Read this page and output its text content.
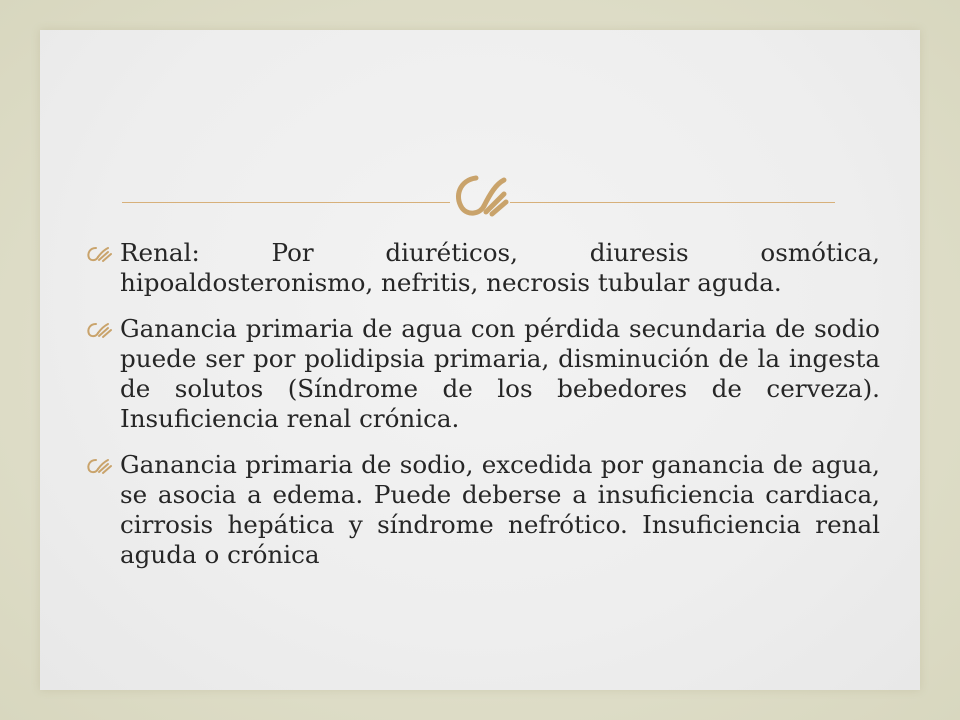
Renal: Por diuréticos, diuresis osmótica, hipoaldosteronismo, nefritis, necrosis tubular aguda.
Ganancia primaria de agua con pérdida secundaria de sodio puede ser por polidipsia primaria, disminución de la ingesta de solutos (Síndrome de los bebedores de cerveza). Insuficiencia renal crónica.
Ganancia primaria de sodio, excedida por ganancia de agua, se asocia a edema. Puede deberse a insuficiencia cardiaca, cirrosis hepática y síndrome nefrótico. Insuficiencia renal aguda o crónica
